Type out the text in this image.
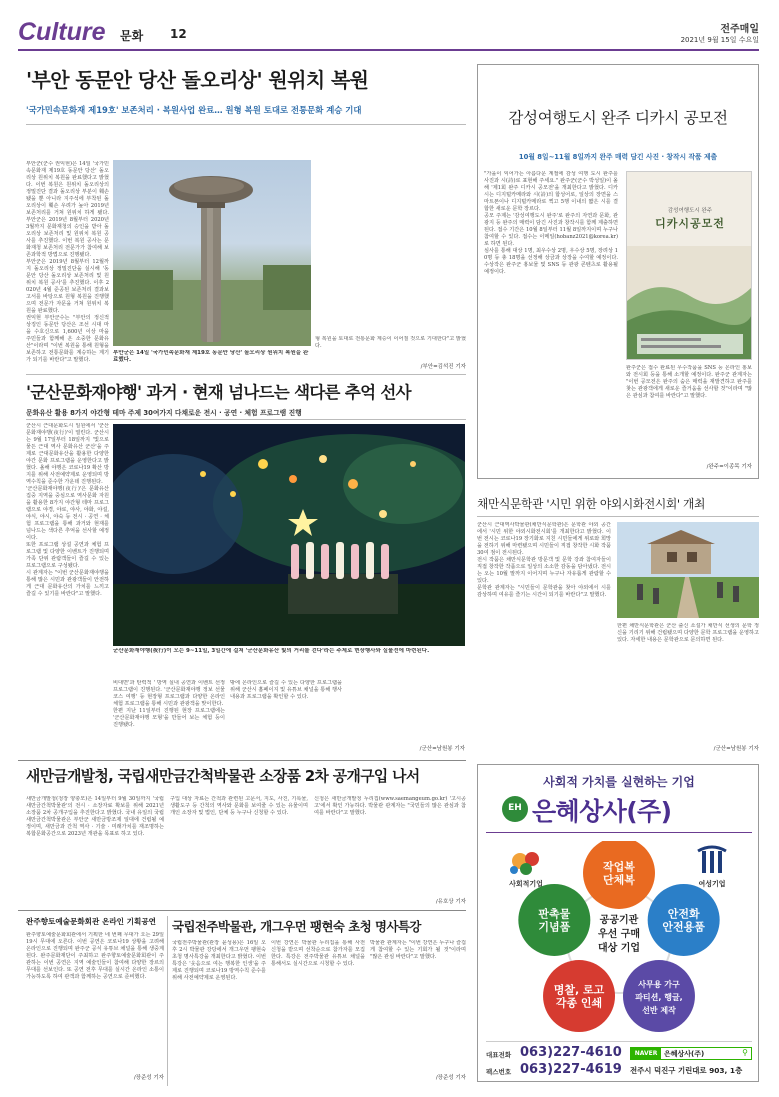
Culture 문화 12	전주매일
2021년 9월 15일 수요일
'부안 동문안 당산 돌오리상' 원위치 복원
'국가민속문화재 제19호' 보존처리 · 복원사업 완료… 원형 복원 토대로 전통문화 계승 기대

부안군(군수 권익현)은 14일 '국가민속문화재 제19호 동문안 당산' 돌오리상 원위치 복원을 완료했다고 밝혔다. 이번 복원은 원위치 돌오리상의 정밀진단 결과 돌오리상 부분이 훼손됐을 뿐 아니라 지주석에 부착된 돌오리상이 훼손 우려가 높아 2019년 보존처리를 거쳐 원위치 하게 됐다. 부안군은 2019년 8월부터 2020년 3월까지 문화재청의 승인을 받아 돌오리상 보존처리 및 원위치 복원 공사를 추진했다. 이번 복원 공사는 문화재청 보존처리 전문가가 참여해 보존과학적 방법으로 진행됐다.

부안군은 2019년 8월부터 12월까지 돌오리상 정밀진단을 실시해 '동문안 당산 돌오리상 보존처리 및 원위치 복원 공사'를 추진했다. 이후 2020년 4월 준공된 보존처리 결과보고서를 바탕으로 원형 복원을 진행했으며 전문가 자문을 거쳐 원위치 복원을 완료했다.

권익현 부안군수는 "부안의 정신적 상징인 동문안 당산은 조선 시대 마을 수호신으로 1,600년 이상 마을 주민들과 함께해 온 소중한 문화유산"이라며 "이번 복원을 통해 원형을 보존하고 전통문화를 계승하는 계기가 되기를 바란다"고 말했다.

부안군은 14일 '국가민속문화재 제19호 동문안 당산' 돌오리상 원위치 복원을 완료했다.

형 복원을 토대로 전통문화 계승이 이어질 것으로 기대한다"고 밝혔다.

/부안=김석진 기자
'군산문화재야행' 과거 · 현재 넘나드는 색다른 추억 선사
문화유산 활용 8가지 야간형 테마 주제 30여가지 다채로운 전시 · 공연 · 체험 프로그램 진행

군산시 근대문화도시 일원에서 '군산문화재야행(夜行)'이 열린다. 군산시는 9월 17일부터 18일까지 '빛으로 물든 근대 역사 문화유산 군산'을 주제로 근대문화유산을 활용한 다양한 야간 문화 프로그램을 운영한다고 밝혔다. 올해 야행은 코로나19 확산 방지를 위해 사전예약제로 운영되며 방역수칙을 준수한 가운데 진행된다.

'군산문화재야행(夜行)'은 문화유산 집중 지역을 중심으로 역사문화 자원을 활용한 8가지 야간형 테마 프로그램으로 야경, 야로, 야사, 야화, 야설, 야식, 야시, 야숙 등 전시 · 공연 · 체험 프로그램을 통해 과거와 현재를 넘나드는 색다른 추억을 선사할 예정이다.

또한 프로그램 상설 공연과 체험 프로그램 및 다양한 이벤트가 진행되며 가족 단위 관람객들이 즐길 수 있는 프로그램으로 구성됐다.

시 관계자는 "이번 군산문화재야행을 통해 많은 시민과 관광객들이 안전하게 근대 문화유산의 가치를 느끼고 즐길 수 있기를 바란다"고 말했다.

군산문화재야행(夜行)이 오는 9~11일, 3일간에 걸쳐 '군산문화유산 빛의 거리를 걷다'라는 주제로 현장행사와 실물전에 마련된다.

비대면'과 탄력적 ' 방역 실내 공연과 이벤트 선정 프로그램이 진행된다. '군산문화재야행 정보 선물 코스 여행' 등 현장형 프로그램과 다양한 온라인 체험 프로그램을 통해 시민과 관광객을 맞이한다.

한편 지난 11일부터 진행된 현장 프로그램에는 '군산문화재야행 모형'을 만들어 보는 체험 등이 진행됐다.

밖에 온라인으로 즐길 수 있는 다양한 프로그램을 위해 군산시 홈페이지 및 유튜브 채널을 통해 행사 내용과 프로그램을 확인할 수 있다.

/군산=남원봉 기자
새만금개발청, 국립새만금간척박물관 소장품 2차 공개구입 나서

새만금개발청(청장 양충모)은 14일부터 9월 30일까지 '국립새만금간척박물관'의 전시 · 소장자료 확보를 위해 2021년 소장품 2차 공개구입을 추진한다고 밝혔다. 국내 유일의 국립새만금간척박물관은 부안군 새만금방조제 일대에 건립될 예정이며, 새만금과 간척 역사 · 기술 · 미래가치를 재조명하는 복합문화공간으로 2023년 개관을 목표로 하고 있다.

구입 대상 자료는 간척과 관련된 고문서, 지도, 사진, 기록물, 생활도구 등 간척의 역사와 문화를 보여줄 수 있는 유물이며 개인 소장자 및 법인, 단체 등 누구나 신청할 수 있다.

신청은 새만금개발청 누리집(www.saemangeum.go.kr) '고시공고'에서 확인 가능하다. 박물관 관계자는 "국민들의 많은 관심과 참여를 바란다"고 말했다.

/유호상 기자
완주향토예술문화회관 온라인 기획공연

완주향토예술문화회관에서 기획한 네 번째 무대가 오는 29일 19시 무대에 오른다. 이번 공연은 코로나19 상황을 고려해 온라인으로 진행되며 완주군 공식 유튜브 채널을 통해 생중계된다. 완주문화재단이 주최하고 완주향토예술문화회관이 주관하는 이번 공연은 지역 예술인들이 참여해 다양한 장르의 무대를 선보인다. 또 공연 전후 무대를 실시간 온라인 소통이 가능하도록 하여 관객과 함께하는 공연으로 준비했다.

/장준성 기자
국립전주박물관, 개그우먼 팽현숙 초청 명사특강

국립전주박물관(관장 윤성용)은 16일 오후 2시 박물관 강당에서 개그우먼 팽현숙 초청 명사특강을 개최한다고 밝혔다. 이번 특강은 '웃음으로 여는 행복한 인생'을 주제로 진행되며 코로나19 방역수칙 준수를 위해 사전예약제로 운영된다.

이번 강연은 박물관 누리집을 통해 사전 신청을 받으며 선착순으로 참가자를 모집한다. 특강은 전주박물관 유튜브 채널을 통해서도 실시간으로 시청할 수 있다.

박물관 관계자는 "이번 강연은 누구나 즐겁게 참여할 수 있는 기회가 될 것"이라며 "많은 관심 바란다"고 말했다.

/장준성 기자
감성여행도시 완주 디카시 공모전
10월 8일~11월 8일까지 완주 매력 담긴 사진 · 창작시 작품 제출

"가을이 익어가는 아름다운 계절에 감성 여행 도시 완주를 사진과 시(詩)로 표현해 주세요." 완주군(군수 박성일)이 올해 '제1회 완주 디카시 공모전'을 개최한다고 밝혔다. 디카시는 디지털카메라와 시(詩)의 합성어로, 일상의 장면을 스마트폰이나 디지털카메라로 찍고 5행 이내의 짧은 시를 결합한 새로운 문학 장르다.

공모 주제는 '감성여행도시 완주'로 완주의 자연과 문화, 관광지 등 완주의 매력이 담긴 사진과 창작시를 함께 제출하면 된다. 접수 기간은 10월 8일부터 11월 8일까지이며 누구나 참여할 수 있다. 접수는 이메일(hobanz2021@korea.kr)로 하면 된다.

심사를 통해 대상 1명, 최우수상 2명, 우수상 5명, 장려상 10명 등 총 18명을 선정해 상금과 상장을 수여할 예정이다. 수상작은 완주군 홍보물 및 SNS 등 관광 콘텐츠로 활용될 예정이다.

감성여행도시 완주
디카시공모전

완주군은 접수 완료된 우수작품을 SNS 등 온라인 홍보와 전시회 등을 통해 소개할 예정이다. 완주군 관계자는 "이번 공모전은 완주의 숨은 매력을 재발견하고 완주를 찾는 관광객에게 새로운 즐거움을 선사할 것"이라며 "많은 관심과 참여를 바란다"고 말했다.

/완주=이종목 기자
채만식문학관 '시민 위한 야외시화전시회' 개최

군산시 근대역사박물관(채만식문학관)은 문학관 야외 공간에서 '시민 위한 야외시화전시회'를 개최한다고 밝혔다. 이번 전시는 코로나19 장기화로 지친 시민들에게 위로와 희망을 전하기 위해 마련됐으며 시민들이 직접 창작한 시화 작품 30여 점이 전시된다.

전시 작품은 채만식문학관 방문객 및 문학 강좌 참여자들이 직접 창작한 작품으로 일상의 소소한 감동을 담아냈다. 전시는 오는 10월 말까지 이어지며 누구나 자유롭게 관람할 수 있다.

문학관 관계자는 "시민들이 문학관을 찾아 야외에서 시를 감상하며 여유를 즐기는 시간이 되기를 바란다"고 말했다.

한편 채만식문학관은 군산 출신 소설가 채만식 선생의 문학 정신을 기리기 위해 건립됐으며 다양한 문학 프로그램을 운영하고 있다. 자세한 내용은 문학관으로 문의하면 된다.

/군산=남원봉 기자
사회적 가치를 실현하는 기업
EH 은혜상사(주)
사회적기업	여성기업
작업복
단체복
안전화
안전용품
사무용 가구
파티션, 행글,
선반 제작
명찰, 로고
각종 인쇄
판촉물
기념품	공공기관
우선 구매
대상 기업
대표전화 063)227-4610
팩스번호 063)227-4619
NAVER 은혜상사(주)	⚲
전주시 덕진구 기린대로 903, 1층
